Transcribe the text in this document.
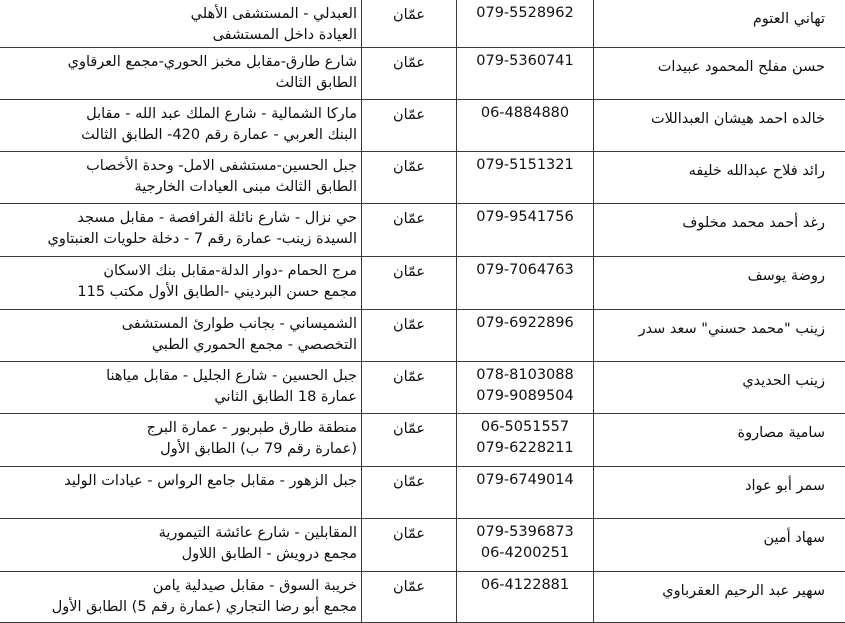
تهاني العتوم	079-5528962	عمّان	العبدلي - المستشفى الأهلي
العيادة داخل المستشفى

حسن مفلح المحمود عبيدات	079-5360741	عمّان	شارع طارق-مقابل مخبز الحوري-مجمع العرقاوي
الطابق الثالث

خالده احمد هيشان العبداللات	06-4884880	عمّان	ماركا الشمالية - شارع الملك عبد الله - مقابل
البنك العربي - عمارة رقم 420- الطابق الثالث

رائد فلاح عبدالله خليفه	079-5151321	عمّان	جبل الحسين-مستشفى الامل- وحدة الأخصاب
الطابق الثالث مبنى العيادات الخارجية

رغد أحمد محمد مخلوف	079-9541756	عمّان	حي نزال - شارع نائلة الفرافصة - مقابل مسجد
السيدة زينب- عمارة رقم 7 - دخلة حلويات العنبتاوي

روضة يوسف	079-7064763	عمّان	مرج الحمام -دوار الدلة-مقابل بنك الاسكان
مجمع حسن البرديني -الطابق الأول مكتب 115

زينب "محمد حسني" سعد سدر	079-6922896	عمّان	الشميساني - بجانب طوارئ المستشفى
التخصصي - مجمع الحموري الطبي

زينب الحديدي	078-8103088
079-9089504	عمّان	جبل الحسين - شارع الجليل - مقابل مياهنا
عمارة 18 الطابق الثاني

سامية مصاروة	06-5051557
079-6228211	عمّان	منطقة طارق طبربور - عمارة البرج
(عمارة رقم 79 ب) الطابق الأول

سمر أبو عواد	079-6749014	عمّان	جبل الزهور - مقابل جامع الرواس - عيادات الوليد

سهاد أمين	079-5396873
06-4200251	عمّان	المقابلين - شارع عائشة التيمورية
مجمع درويش - الطابق اللاول

سهير عبد الرحيم العقرباوي	06-4122881	عمّان	خريبة السوق - مقابل صيدلية يامن
مجمع أبو رضا التجاري (عمارة رقم 5) الطابق الأول
